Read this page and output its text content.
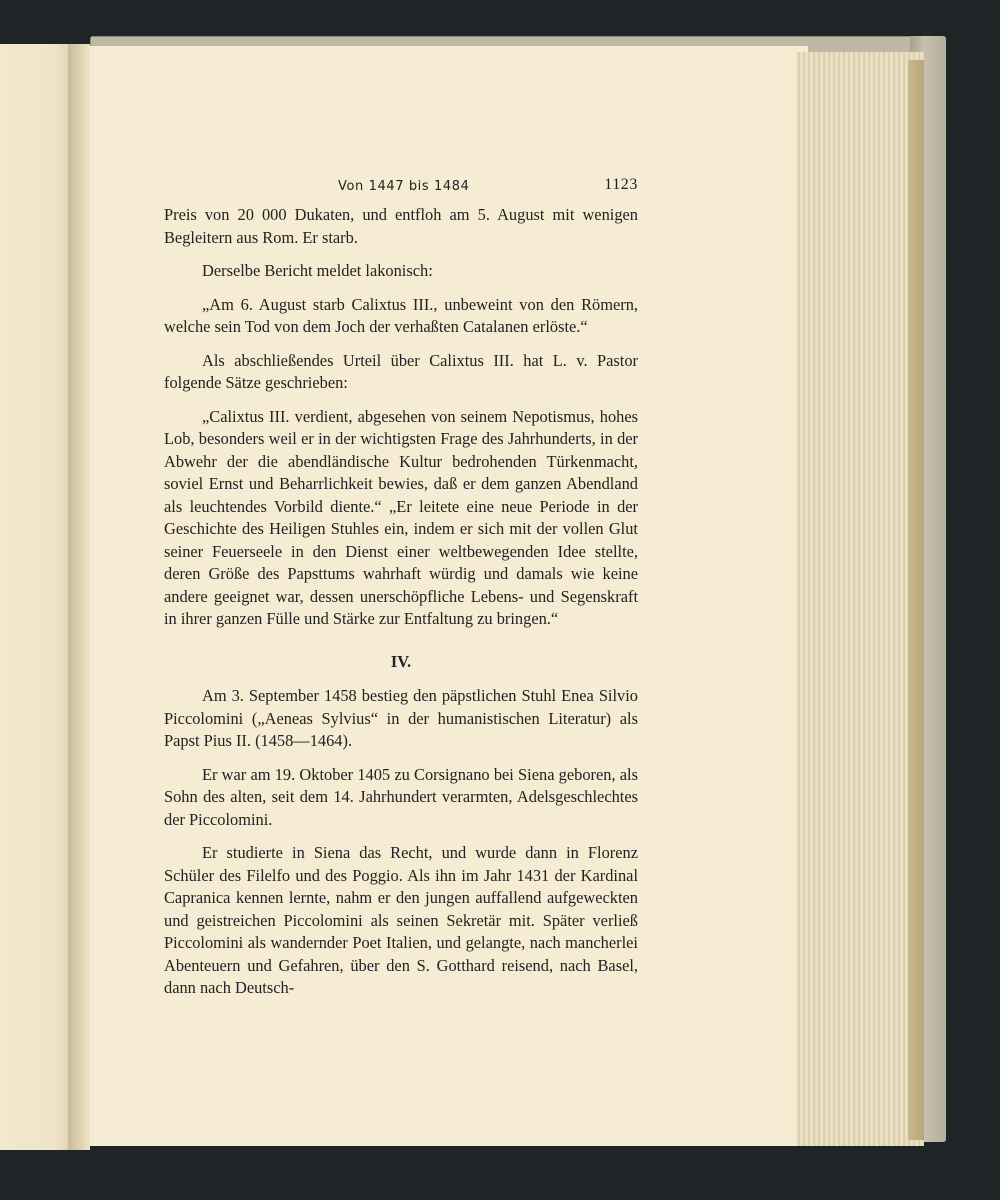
Von 1447 bis 1484	1123

Preis von 20 000 Dukaten, und entfloh am 5. August mit wenigen Begleitern aus Rom. Er starb.

Derselbe Bericht meldet lakonisch:

„Am 6. August starb Calixtus III., unbeweint von den Römern, welche sein Tod von dem Joch der verhaßten Catalanen erlöste.“

Als abschließendes Urteil über Calixtus III. hat L. v. Pastor folgende Sätze geschrieben:

„Calixtus III. verdient, abgesehen von seinem Nepotismus, hohes Lob, besonders weil er in der wichtigsten Frage des Jahrhunderts, in der Abwehr der die abendländische Kultur bedrohenden Türkenmacht, soviel Ernst und Beharrlichkeit bewies, daß er dem ganzen Abendland als leuchtendes Vorbild diente.“ „Er leitete eine neue Periode in der Geschichte des Heiligen Stuhles ein, indem er sich mit der vollen Glut seiner Feuerseele in den Dienst einer weltbewegenden Idee stellte, deren Größe des Papsttums wahrhaft würdig und damals wie keine andere geeignet war, dessen unerschöpfliche Lebens- und Segenskraft in ihrer ganzen Fülle und Stärke zur Entfaltung zu bringen.“

IV.

Am 3. September 1458 bestieg den päpstlichen Stuhl Enea Silvio Piccolomini („Aeneas Sylvius“ in der humanistischen Literatur) als Papst Pius II. (1458—1464).

Er war am 19. Oktober 1405 zu Corsignano bei Siena geboren, als Sohn des alten, seit dem 14. Jahrhundert verarmten, Adelsgeschlechtes der Piccolomini.

Er studierte in Siena das Recht, und wurde dann in Florenz Schüler des Filelfo und des Poggio. Als ihn im Jahr 1431 der Kardinal Capranica kennen lernte, nahm er den jungen auffallend aufgeweckten und geistreichen Piccolomini als seinen Sekretär mit. Später verließ Piccolomini als wandernder Poet Italien, und gelangte, nach mancherlei Abenteuern und Gefahren, über den S. Gotthard reisend, nach Basel, dann nach Deutsch-
